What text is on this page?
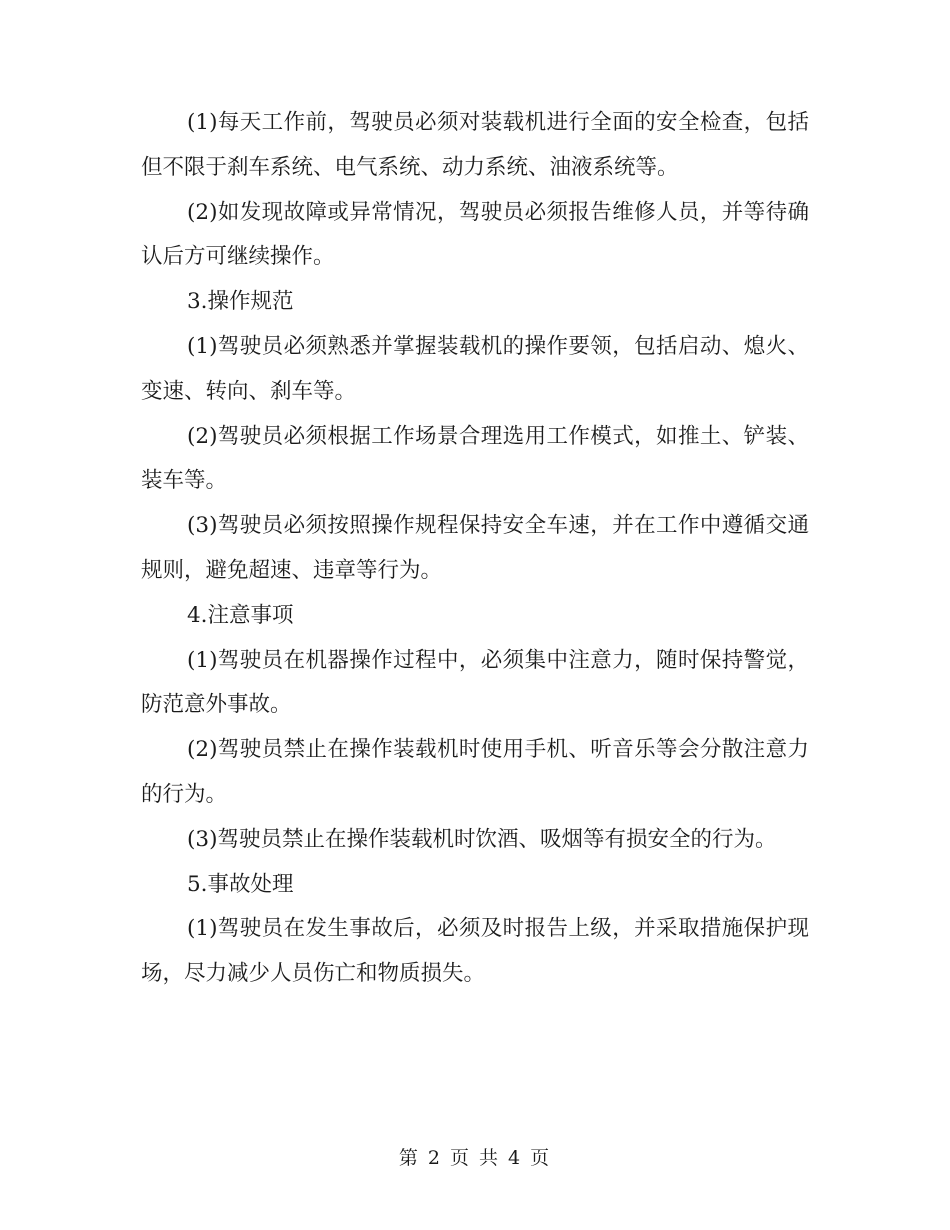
(1)每天工作前，驾驶员必须对装载机进行全面的安全检查，包括但不限于刹车系统、电气系统、动力系统、油液系统等。

(2)如发现故障或异常情况，驾驶员必须报告维修人员，并等待确认后方可继续操作。

3.操作规范

(1)驾驶员必须熟悉并掌握装载机的操作要领，包括启动、熄火、变速、转向、刹车等。

(2)驾驶员必须根据工作场景合理选用工作模式，如推土、铲装、装车等。

(3)驾驶员必须按照操作规程保持安全车速，并在工作中遵循交通规则，避免超速、违章等行为。

4.注意事项

(1)驾驶员在机器操作过程中，必须集中注意力，随时保持警觉，防范意外事故。

(2)驾驶员禁止在操作装载机时使用手机、听音乐等会分散注意力的行为。

(3)驾驶员禁止在操作装载机时饮酒、吸烟等有损安全的行为。

5.事故处理

(1)驾驶员在发生事故后，必须及时报告上级，并采取措施保护现场，尽力减少人员伤亡和物质损失。

第 2 页 共 4 页
